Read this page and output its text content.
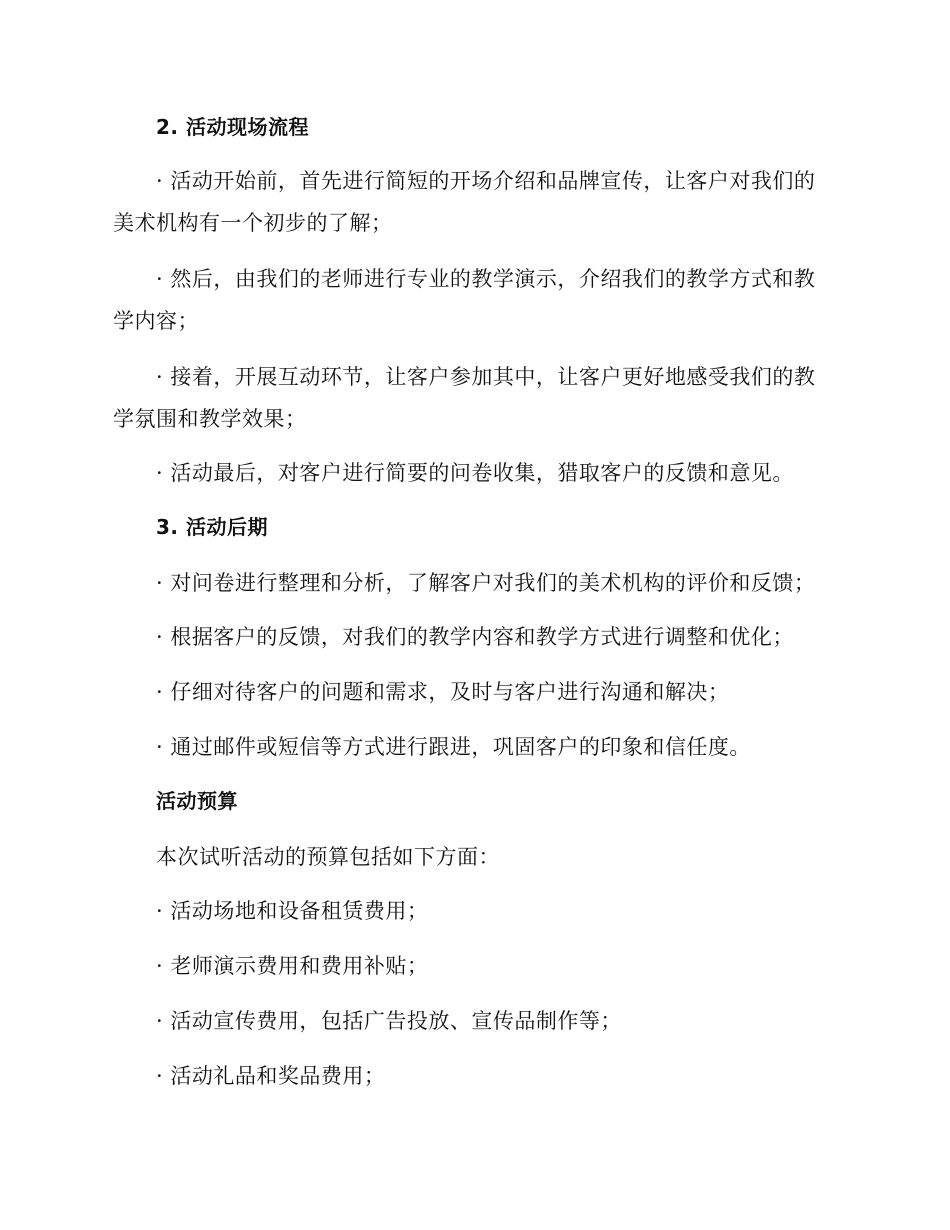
2. 活动现场流程

· 活动开始前，首先进行简短的开场介绍和品牌宣传，让客户对我们的

美术机构有一个初步的了解；

· 然后，由我们的老师进行专业的教学演示，介绍我们的教学方式和教

学内容；

· 接着，开展互动环节，让客户参加其中，让客户更好地感受我们的教

学氛围和教学效果；

· 活动最后，对客户进行简要的问卷收集，猎取客户的反馈和意见。

3. 活动后期

· 对问卷进行整理和分析，了解客户对我们的美术机构的评价和反馈；

· 根据客户的反馈，对我们的教学内容和教学方式进行调整和优化；

· 仔细对待客户的问题和需求，及时与客户进行沟通和解决；

· 通过邮件或短信等方式进行跟进，巩固客户的印象和信任度。

活动预算

本次试听活动的预算包括如下方面：

· 活动场地和设备租赁费用；

· 老师演示费用和费用补贴；

· 活动宣传费用，包括广告投放、宣传品制作等；

· 活动礼品和奖品费用；
